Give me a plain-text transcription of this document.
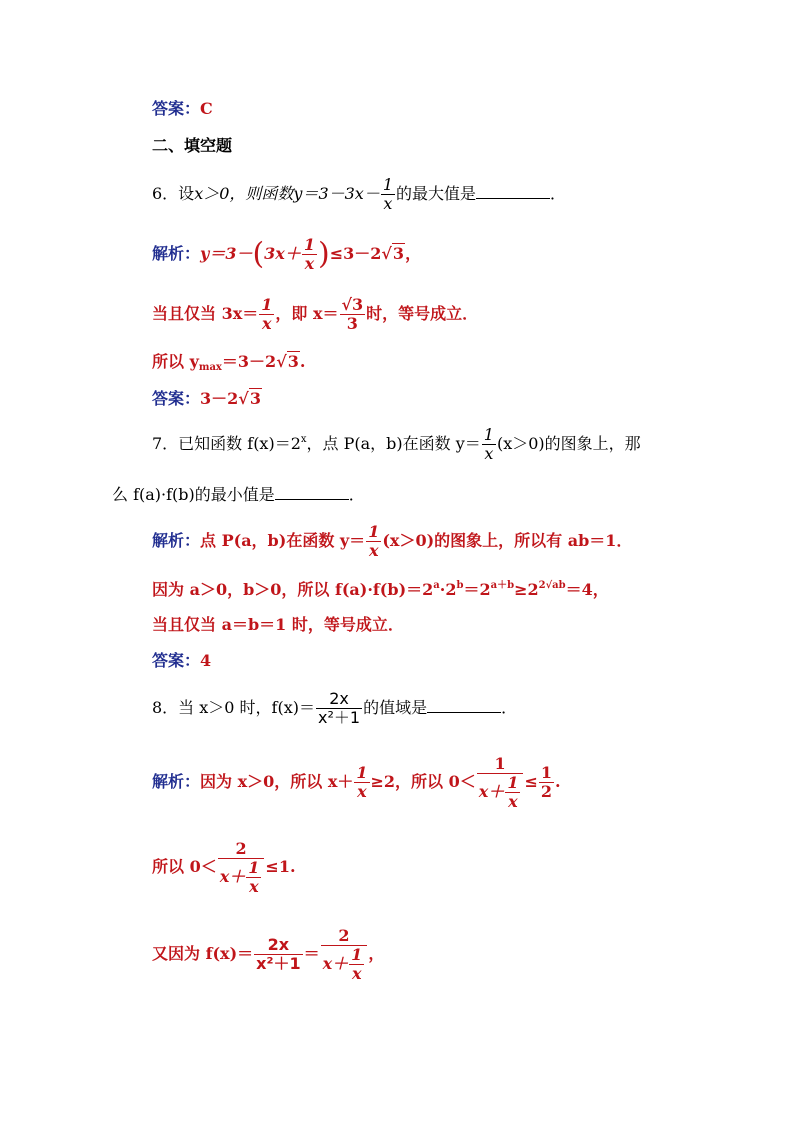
答案：C
二、填空题
6．设x＞0，则函数$y=3-3x- \frac{1}{x}$ 的最大值是	．
解析：$y=3-(3x+ \frac{1}{x} )\le 3-2√3$，
当且仅当 $3x= \frac{1}{x}$ ，即 $x= \frac{√3}{3}$ 时，等号成立．
所以 $y_{max}=3-2√3$.
答案：3－2√3
7．已知函数 $f(x)=2^x$，点 P(a，b)在函数 $y= \frac{1}{x} (x>0)$的图象上，那
么 f(a)·f(b)的最小值是	．
解析：点 P(a，b)在函数 $y= \frac{1}{x} (x>0)$的图象上，所以有 ab＝1．
因为 a＞0，b＞0，所以 $f(a)\cdot f(b)=2^a\cdot 2^b=2^{a+b}\ge 2^{2√ab}=4$，
当且仅当 a＝b＝1 时，等号成立．
答案：4
8．当 x＞0 时，$f(x)= \frac{2x}{\text{x²＋1}}$ 的值域是	．
解析：因为 x＞0，所以 $x+ \frac{1}{x} \ge 2$，所以 $0< \frac{1}{x+ \frac{1}{x}} \le \frac{1}{2}$ .
所以 $0< \frac{2}{x+ \frac{1}{x}} \le 1$.
又因为 $f(x)= \frac{2x}{\text{x²＋1}} = \frac{2}{x+ \frac{1}{x}}$ ，
